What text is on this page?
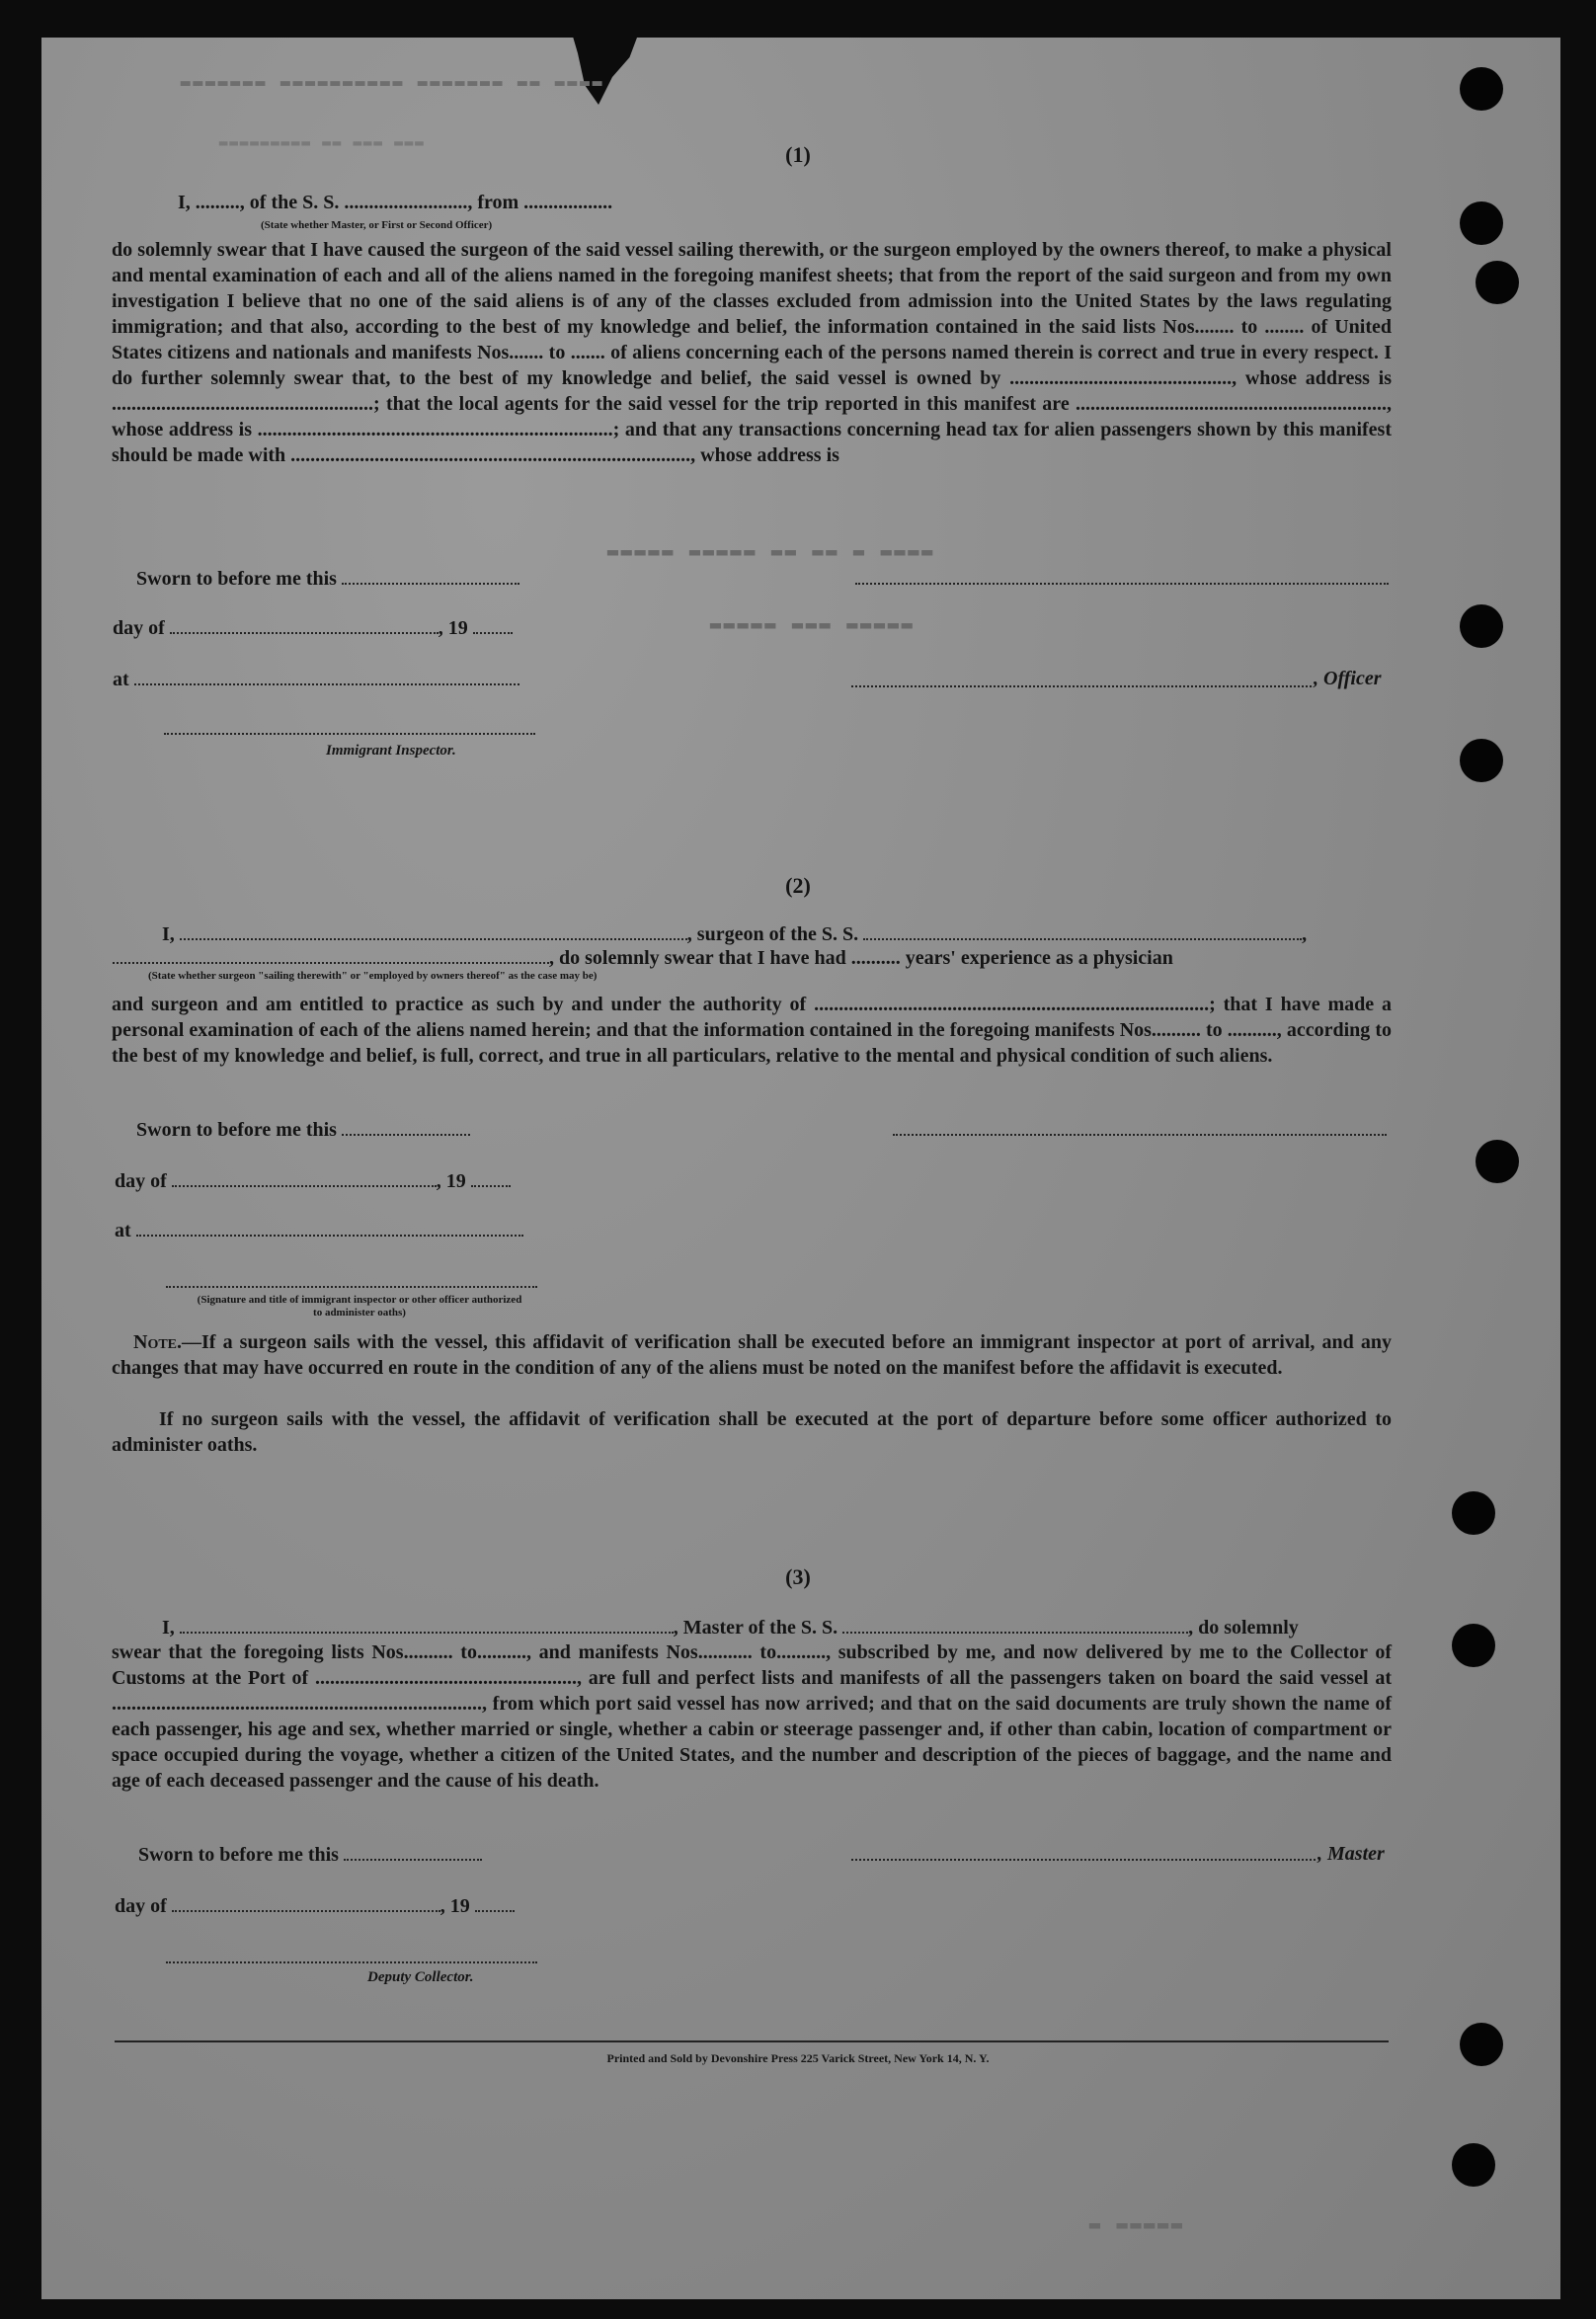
▂▂▂▂ ▂▂ ▂▂▂▂▂▂▂ ▂▂▂▂▂▂▂▂▂▂ ▂▂▂▂▂▂▂
▂▂▂ ▂▂▂ ▂▂ ▂▂▂▂▂▂▂▂▂
▂▂▂▂ ▂ ▂▂ ▂▂ ▂▂▂▂▂ ▂▂▂▂▂
▂▂▂▂▂ ▂▂▂ ▂▂▂▂▂
▂▂▂▂▂ ▂
(1)
I, ........., of the S. S. ........................., from ..................
(State whether Master, or First or Second Officer)
do solemnly swear that I have caused the surgeon of the said vessel sailing therewith, or the surgeon employed by the owners thereof, to make a physical and mental examination of each and all of the aliens named in the foregoing manifest sheets; that from the report of the said surgeon and from my own investigation I believe that no one of the said aliens is of any of the classes excluded from admission into the United States by the laws regulating immigration; and that also, according to the best of my knowledge and belief, the information contained in the said lists Nos........ to ........ of United States citizens and nationals and manifests Nos....... to ....... of aliens concerning each of the persons named therein is correct and true in every respect. I do further solemnly swear that, to the best of my knowledge and belief, the said vessel is owned by ............................................., whose address is .....................................................; that the local agents for the said vessel for the trip reported in this manifest are ..............................................................., whose address is ........................................................................; and that any transactions concerning head tax for alien passengers shown by this manifest should be made with ................................................................................., whose address is
Sworn to before me this
day of	, 19
at	, Officer
Immigrant Inspector.
(2)
I,	, surgeon of the S. S.	,
, do solemnly swear that I have had .......... years' experience as a physician
(State whether surgeon "sailing therewith" or "employed by owners thereof" as the case may be)
and surgeon and am entitled to practice as such by and under the authority of ................................................................................; that I have made a personal examination of each of the aliens named herein; and that the information contained in the foregoing manifests Nos.......... to .........., according to the best of my knowledge and belief, is full, correct, and true in all particulars, relative to the mental and physical condition of such aliens.
Sworn to before me this
day of	, 19
at
(Signature and title of immigrant inspector or other officer authorized to administer oaths)
Note.—If a surgeon sails with the vessel, this affidavit of verification shall be executed before an immigrant inspector at port of arrival, and any changes that may have occurred en route in the condition of any of the aliens must be noted on the manifest before the affidavit is executed.
If no surgeon sails with the vessel, the affidavit of verification shall be executed at the port of departure before some officer authorized to administer oaths.
(3)
I,	, Master of the S. S.	, do solemnly
swear that the foregoing lists Nos.......... to.........., and manifests Nos........... to.........., subscribed by me, and now delivered by me to the Collector of Customs at the Port of ....................................................., are full and perfect lists and manifests of all the passengers taken on board the said vessel at ..........................................................................., from which port said vessel has now arrived; and that on the said documents are truly shown the name of each passenger, his age and sex, whether married or single, whether a cabin or steerage passenger and, if other than cabin, location of compartment or space occupied during the voyage, whether a citizen of the United States, and the number and description of the pieces of baggage, and the name and age of each deceased passenger and the cause of his death.
Sworn to before me this	, Master
day of	, 19
Deputy Collector.
Printed and Sold by Devonshire Press 225 Varick Street, New York 14, N. Y.
